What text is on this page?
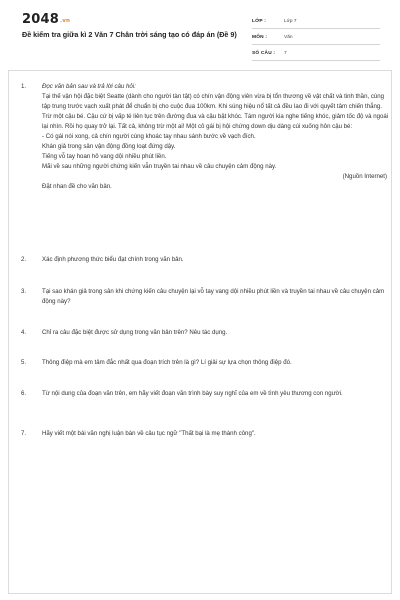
2048.vn
Đề kiểm tra giữa kì 2 Văn 7 Chân trời sáng tạo có đáp án (Đề 9)
LỚP :	Lớp 7
MÔN :	Văn
SỐ CÂU :	7
1.	Đọc văn bản sau và trả lời câu hỏi:

Tại thế vận hội đặc biệt Seatte (dành cho người tàn tật) có chín vận động viên vừa bị tổn thương về vật chất và tinh thần, cùng tập trung trước vạch xuất phát để chuẩn bị cho cuộc đua 100km. Khi súng hiệu nổ tất cả đều lao đi với quyết tâm chiến thắng. Trừ một cậu bé. Cậu cứ bị vấp té liên tục trên đường đua và cậu bật khóc. Tám người kia nghe tiếng khóc, giảm tốc độ và ngoái lại nhìn. Rồi họ quay trở lại. Tất cả, không trừ một ai! Một cô gái bị hội chứng down dịu dàng cúi xuống hôn cậu bé:

- Có gái nói xong, cả chín người cùng khoác tay nhau sánh bước về vạch đích.

Khán giả trong sân vận động đồng loạt đứng dậy.

Tiếng vỗ tay hoan hô vang dội nhiều phút liền.

Mãi về sau những người chứng kiến vẫn truyền tai nhau về câu chuyện cảm động này.

(Nguồn Internet)
Đặt nhan đề cho văn bản.
2.	Xác định phương thức biểu đạt chính trong văn bản.
3.	Tại sao khán giả trong sân khi chứng kiến câu chuyện lại vỗ tay vang dội nhiều phút liền và truyền tai nhau về câu chuyện cảm động này?
4.	Chỉ ra câu đặc biệt được sử dụng trong văn bản trên? Nêu tác dụng.
5.	Thông điệp mà em tâm đắc nhất qua đoạn trích trên là gì? Lí giải sự lựa chọn thông điệp đó.
6.	Từ nội dung của đoạn văn trên, em hãy viết đoạn văn trình bày suy nghĩ của em về tình yêu thương con người.
7.	Hãy viết một bài văn nghị luận bàn về câu tục ngữ "Thất bại là mẹ thành công".
